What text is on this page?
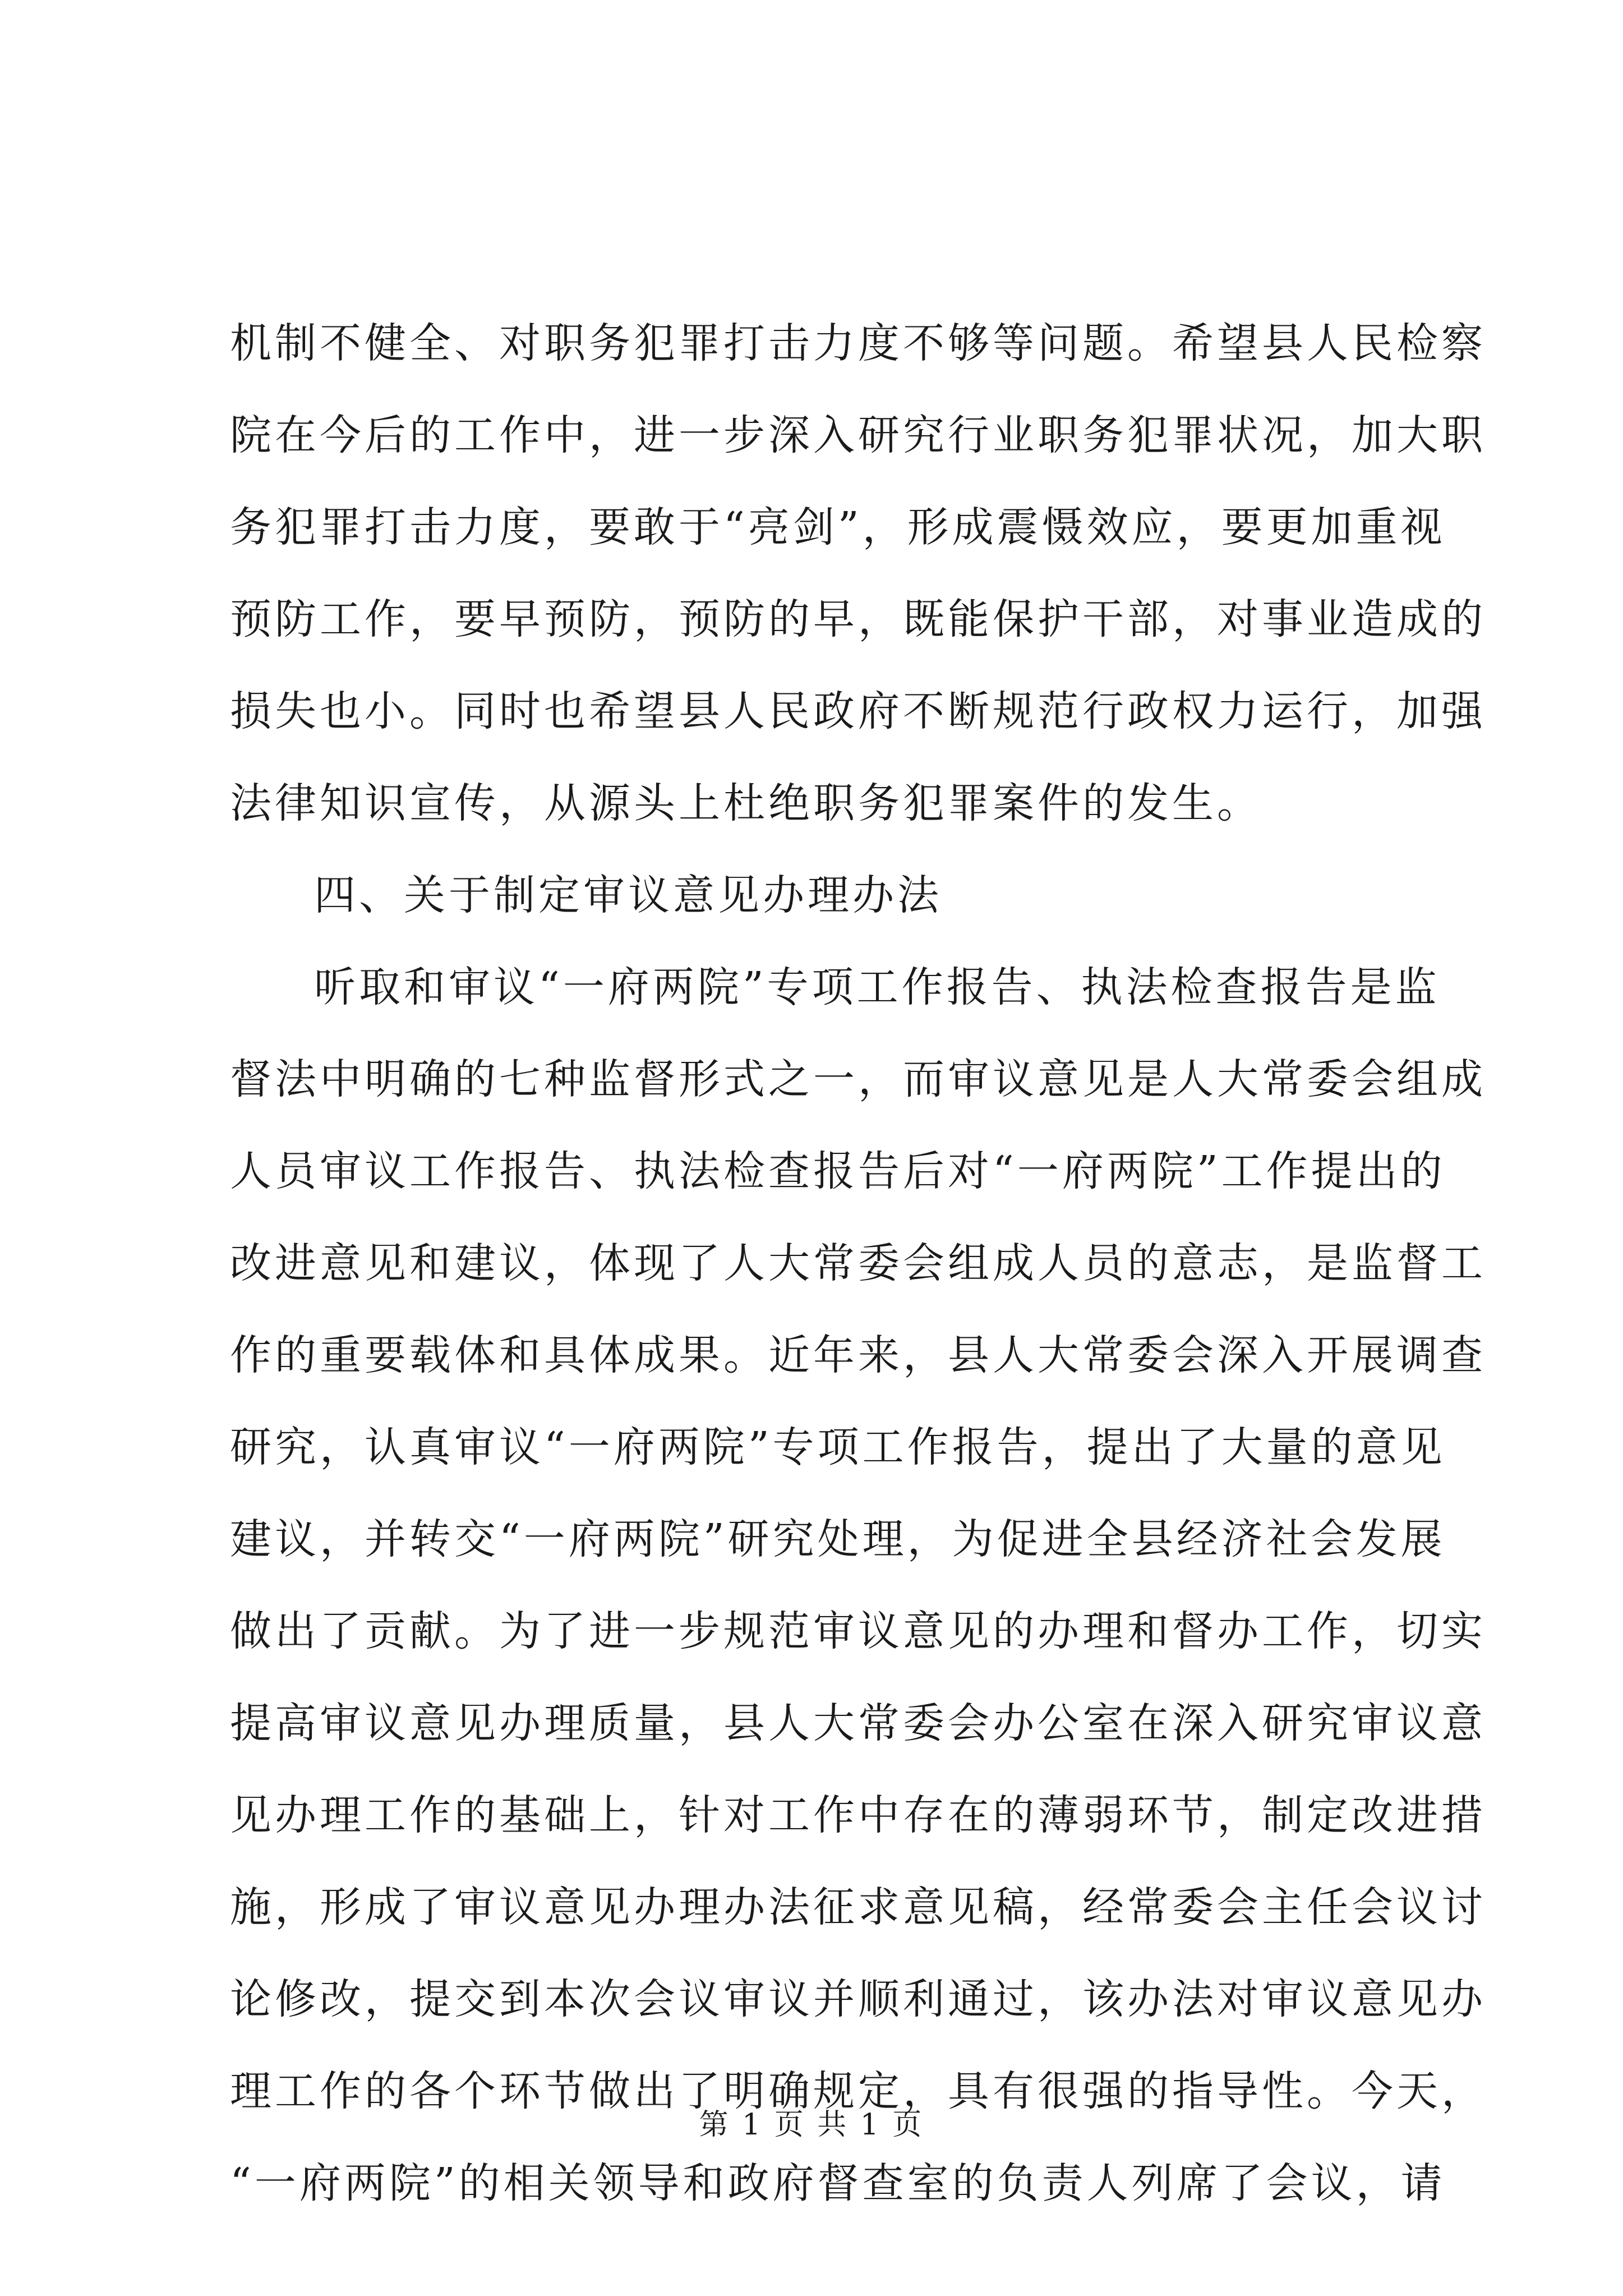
机制不健全、对职务犯罪打击力度不够等问题。希望县人民检察
院在今后的工作中，进一步深入研究行业职务犯罪状况，加大职
务犯罪打击力度，要敢于“亮剑”，形成震慑效应，要更加重视
预防工作，要早预防，预防的早，既能保护干部，对事业造成的
损失也小。同时也希望县人民政府不断规范行政权力运行，加强
法律知识宣传，从源头上杜绝职务犯罪案件的发生。
四、关于制定审议意见办理办法
听取和审议“一府两院”专项工作报告、执法检查报告是监
督法中明确的七种监督形式之一，而审议意见是人大常委会组成
人员审议工作报告、执法检查报告后对“一府两院”工作提出的
改进意见和建议，体现了人大常委会组成人员的意志，是监督工
作的重要载体和具体成果。近年来，县人大常委会深入开展调查
研究，认真审议“一府两院”专项工作报告，提出了大量的意见
建议，并转交“一府两院”研究处理，为促进全县经济社会发展
做出了贡献。为了进一步规范审议意见的办理和督办工作，切实
提高审议意见办理质量，县人大常委会办公室在深入研究审议意
见办理工作的基础上，针对工作中存在的薄弱环节，制定改进措
施，形成了审议意见办理办法征求意见稿，经常委会主任会议讨
论修改，提交到本次会议审议并顺利通过，该办法对审议意见办
理工作的各个环节做出了明确规定，具有很强的指导性。今天，
“一府两院”的相关领导和政府督查室的负责人列席了会议，请
第 1 页 共 1 页
